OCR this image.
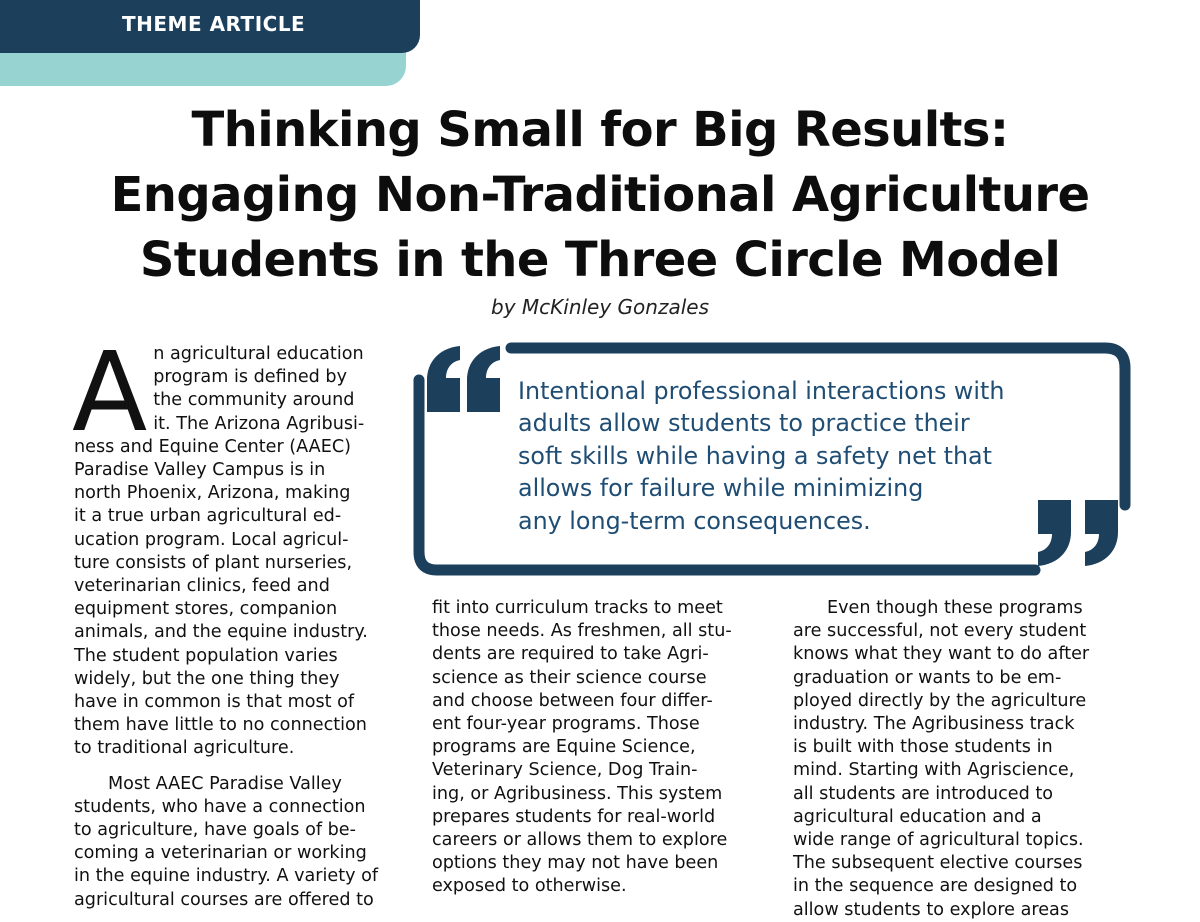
THEME ARTICLE
Thinking Small for Big Results:
Engaging Non-Traditional Agriculture
Students in the Three Circle Model
by McKinley Gonzales

Intentional professional interactions with
adults allow students to practice their
soft skills while having a safety net that
allows for failure while minimizing
any long-term consequences.

A n agricultural education
program is defined by
the community around
it. The Arizona Agribusi-
ness and Equine Center (AAEC)
Paradise Valley Campus is in
north Phoenix, Arizona, making
it a true urban agricultural ed-
ucation program. Local agricul-
ture consists of plant nurseries,
veterinarian clinics, feed and
equipment stores, companion
animals, and the equine industry.
The student population varies
widely, but the one thing they
have in common is that most of
them have little to no connection
to traditional agriculture.

Most AAEC Paradise Valley
students, who have a connection
to agriculture, have goals of be-
coming a veterinarian or working
in the equine industry. A variety of
agricultural courses are offered to

fit into curriculum tracks to meet
those needs. As freshmen, all stu-
dents are required to take Agri-
science as their science course
and choose between four differ-
ent four-year programs. Those
programs are Equine Science,
Veterinary Science, Dog Train-
ing, or Agribusiness. This system
prepares students for real-world
careers or allows them to explore
options they may not have been
exposed to otherwise.

Even though these programs
are successful, not every student
knows what they want to do after
graduation or wants to be em-
ployed directly by the agriculture
industry. The Agribusiness track
is built with those students in
mind. Starting with Agriscience,
all students are introduced to
agricultural education and a
wide range of agricultural topics.
The subsequent elective courses
in the sequence are designed to
allow students to explore areas
